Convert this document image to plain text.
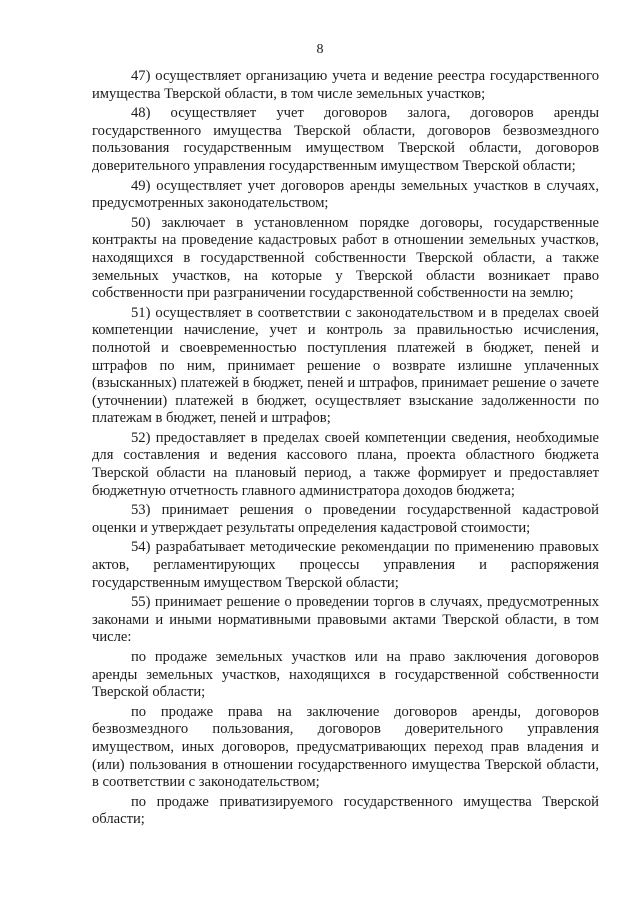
8

47) осуществляет организацию учета и ведение реестра государственного имущества Тверской области, в том числе земельных участков;

48) осуществляет учет договоров залога, договоров аренды государственного имущества Тверской области, договоров безвозмездного пользования государственным имуществом Тверской области, договоров доверительного управления государственным имуществом Тверской области;

49) осуществляет учет договоров аренды земельных участков в случаях, предусмотренных законодательством;

50) заключает в установленном порядке договоры, государственные контракты на проведение кадастровых работ в отношении земельных участков, находящихся в государственной собственности Тверской области, а также земельных участков, на которые у Тверской области возникает право собственности при разграничении государственной собственности на землю;

51) осуществляет в соответствии с законодательством и в пределах своей компетенции начисление, учет и контроль за правильностью исчисления, полнотой и своевременностью поступления платежей в бюджет, пеней и штрафов по ним, принимает решение о возврате излишне уплаченных (взысканных) платежей в бюджет, пеней и штрафов, принимает решение о зачете (уточнении) платежей в бюджет, осуществляет взыскание задолженности по платежам в бюджет, пеней и штрафов;

52) предоставляет в пределах своей компетенции сведения, необходимые для составления и ведения кассового плана, проекта областного бюджета Тверской области на плановый период, а также формирует и предоставляет бюджетную отчетность главного администратора доходов бюджета;

53) принимает решения о проведении государственной кадастровой оценки и утверждает результаты определения кадастровой стоимости;

54) разрабатывает методические рекомендации по применению правовых актов, регламентирующих процессы управления и распоряжения государственным имуществом Тверской области;

55) принимает решение о проведении торгов в случаях, предусмотренных законами и иными нормативными правовыми актами Тверской области, в том числе:

по продаже земельных участков или на право заключения договоров аренды земельных участков, находящихся в государственной собственности Тверской области;

по продаже права на заключение договоров аренды, договоров безвозмездного пользования, договоров доверительного управления имуществом, иных договоров, предусматривающих переход прав владения и (или) пользования в отношении государственного имущества Тверской области, в соответствии с законодательством;

по продаже приватизируемого государственного имущества Тверской области;
